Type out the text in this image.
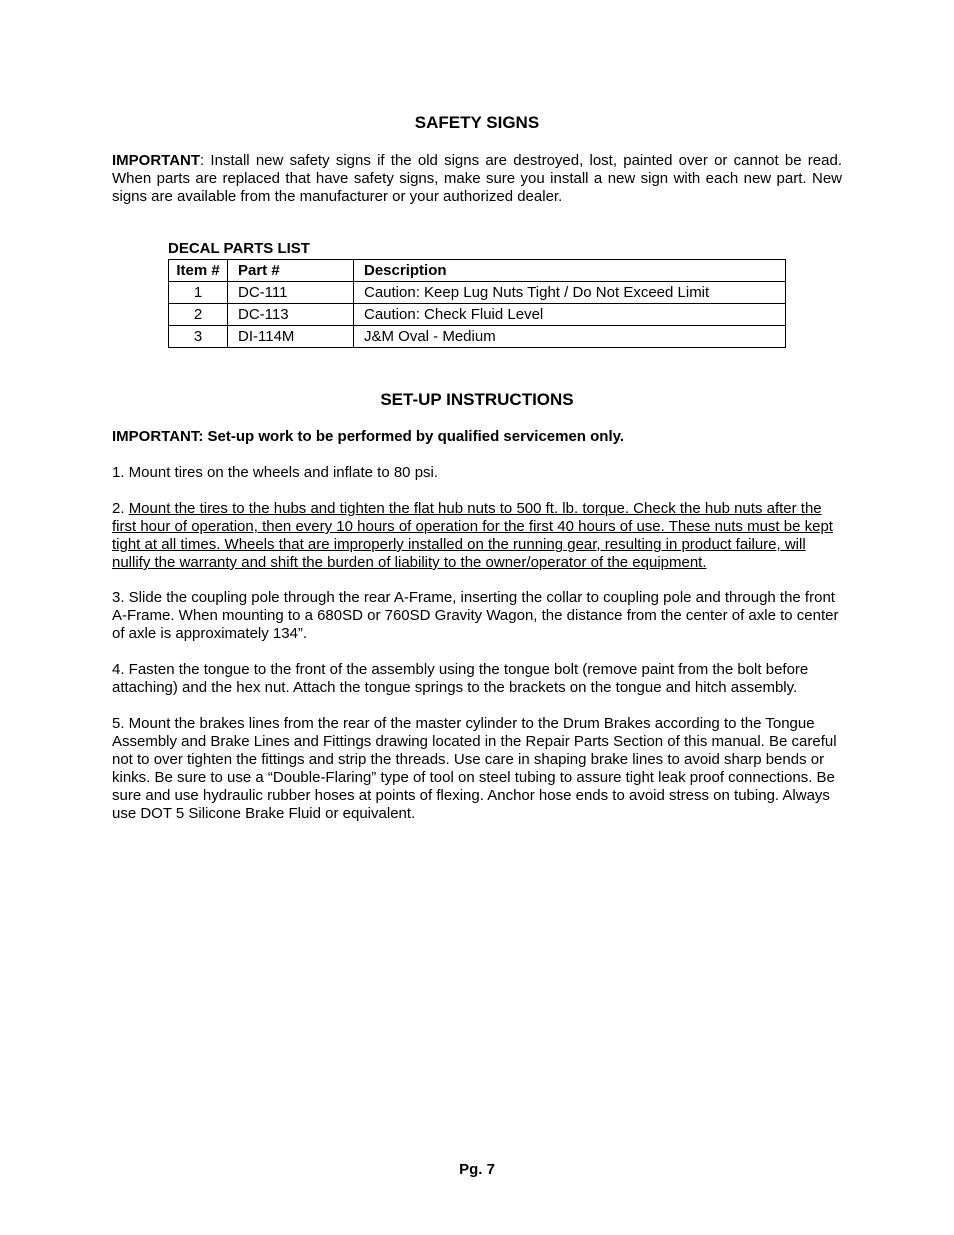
SAFETY SIGNS

IMPORTANT: Install new safety signs if the old signs are destroyed, lost, painted over or cannot be read. When parts are replaced that have safety signs, make sure you install a new sign with each new part. New signs are available from the manufacturer or your authorized dealer.

DECAL PARTS LIST
Item #	Part #	Description
1	DC-111	Caution: Keep Lug Nuts Tight / Do Not Exceed Limit
2	DC-113	Caution: Check Fluid Level
3	DI-114M	J&M Oval - Medium
SET-UP INSTRUCTIONS

IMPORTANT: Set-up work to be performed by qualified servicemen only.

1. Mount tires on the wheels and inflate to 80 psi.

2. Mount the tires to the hubs and tighten the flat hub nuts to 500 ft. lb. torque. Check the hub nuts after the first hour of operation, then every 10 hours of operation for the first 40 hours of use. These nuts must be kept tight at all times. Wheels that are improperly installed on the running gear, resulting in product failure, will nullify the warranty and shift the burden of liability to the owner/operator of the equipment.

3. Slide the coupling pole through the rear A-Frame, inserting the collar to coupling pole and through the front A-Frame. When mounting to a 680SD or 760SD Gravity Wagon, the distance from the center of axle to center of axle is approximately 134”.

4. Fasten the tongue to the front of the assembly using the tongue bolt (remove paint from the bolt before attaching) and the hex nut. Attach the tongue springs to the brackets on the tongue and hitch assembly.

5. Mount the brakes lines from the rear of the master cylinder to the Drum Brakes according to the Tongue Assembly and Brake Lines and Fittings drawing located in the Repair Parts Section of this manual. Be careful not to over tighten the fittings and strip the threads. Use care in shaping brake lines to avoid sharp bends or kinks. Be sure to use a “Double-Flaring” type of tool on steel tubing to assure tight leak proof connections. Be sure and use hydraulic rubber hoses at points of flexing. Anchor hose ends to avoid stress on tubing. Always use DOT 5 Silicone Brake Fluid or equivalent.

Pg. 7
